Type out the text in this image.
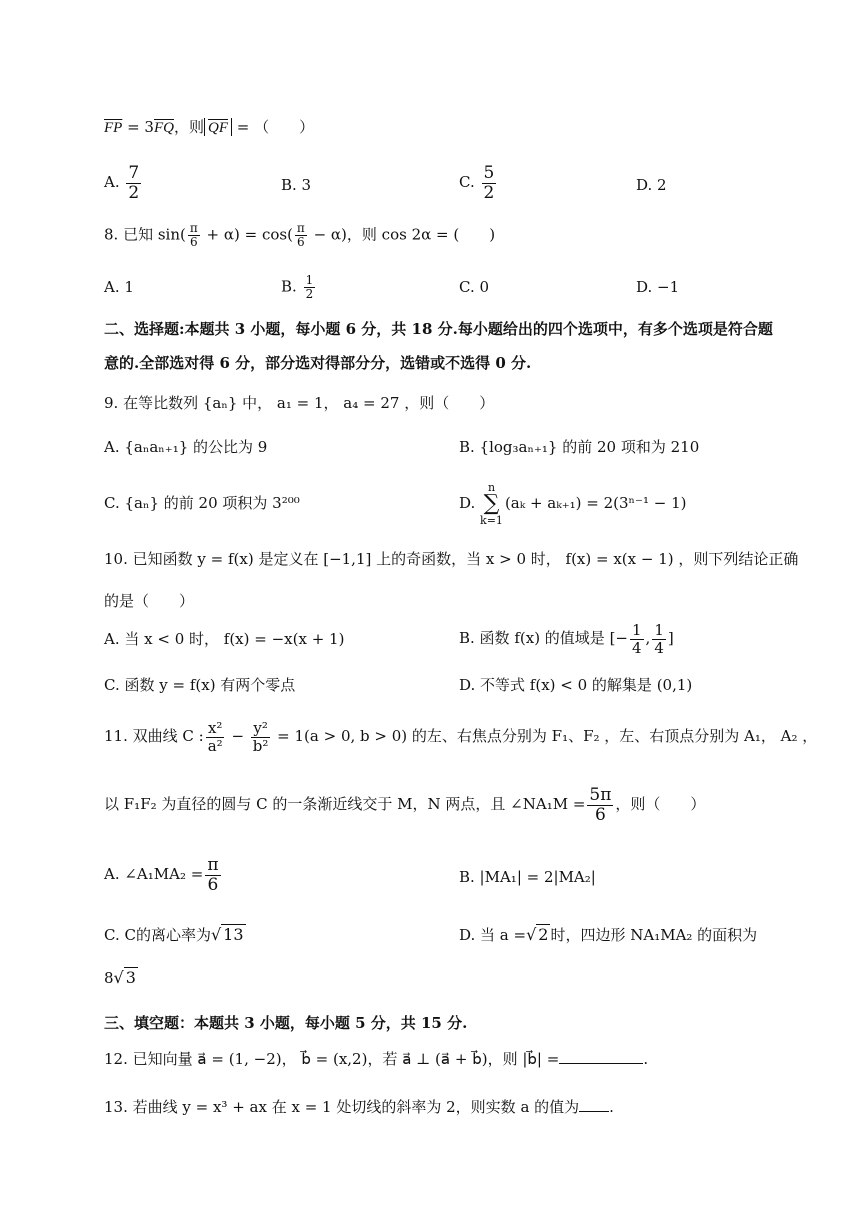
$\overline{FP} = 3\overline{FQ}$，则 $\overline{QF}$ = （　　）
A. $\frac{7}{2}$	B. 3	C. $\frac{5}{2}$	D. 2
8. 已知 $\sin( \frac{\pi}{6} + \alpha) = \cos( \frac{\pi}{6} - \alpha)$，则 cos 2α = (　　)
A. 1	B. $\frac{1}{2}$	C. 0	D. −1
二、选择题:本题共 3 小题，每小题 6 分，共 18 分.每小题给出的四个选项中，有多个选项是符合题
意的.全部选对得 6 分，部分选对得部分分，选错或不选得 0 分.
9. 在等比数列 {aₙ} 中， a₁ = 1， a₄ = 27 ，则（　　）
A. {aₙaₙ₊₁} 的公比为 9	B. {log₃aₙ₊₁} 的前 20 项和为 210
C. {aₙ} 的前 20 项积为 3²⁰⁰	D.
n
∑
k=1
(aₖ + aₖ₊₁) = 2(3ⁿ⁻¹ − 1)
10. 已知函数 y = f(x) 是定义在 [−1,1] 上的奇函数，当 x > 0 时， f(x) = x(x − 1) ，则下列结论正确
的是（　　）
A. 当 x < 0 时， f(x) = −x(x + 1)	B. 函数 f(x) 的值域是 [− $\frac{1}{4}$ , $\frac{1}{4}$ ]
C. 函数 y = f(x) 有两个零点	D. 不等式 f(x) < 0 的解集是 (0,1)
11. 双曲线 C : $\frac{\text{x²}}{\text{a²}} - \frac{\text{y²}}{\text{b²}} = 1(a > 0$, b > 0) 的左、右焦点分别为 F₁、F₂ ，左、右顶点分别为 A₁， A₂ ，
以 F₁F₂ 为直径的圆与 C 的一条渐近线交于 M，N 两点，且 ∠NA₁M = $\frac{5\pi}{6}$ ，则（　　）
A. ∠A₁MA₂ = $\frac{\pi}{6}$	B. |MA₁| = 2|MA₂|
C. C的离心率为√ 13	D. 当 a =√ 2 时，四边形 NA₁MA₂ 的面积为
8√ 3
三、填空题：本题共 3 小题，每小题 5 分，共 15 分.
12. 已知向量 a⃗ = (1, −2)， b⃗ = (x,2)，若 a⃗ ⊥ (a⃗ + b⃗)，则 |b⃗| =	.
13. 若曲线 y = x³ + ax 在 x = 1 处切线的斜率为 2，则实数 a 的值为 .
